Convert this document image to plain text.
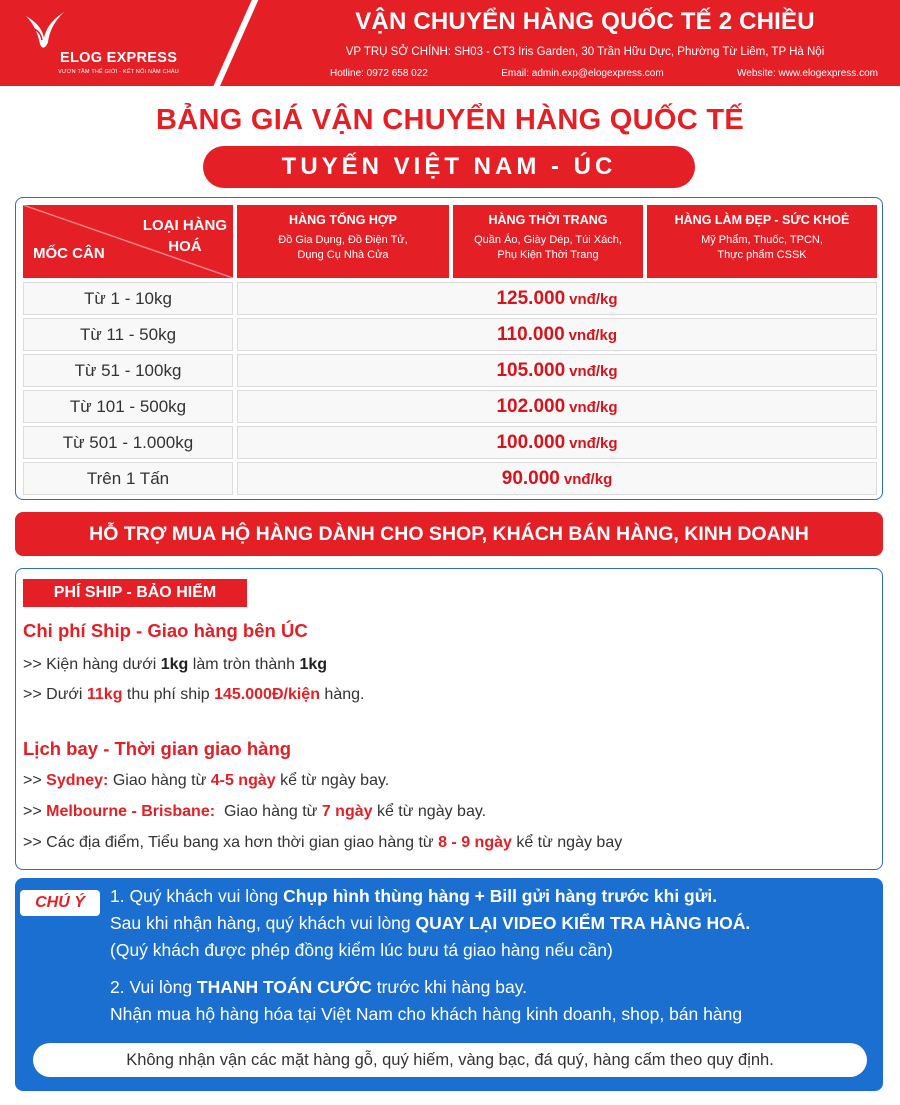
ELOG EXPRESS
VƯƠN TẦM THẾ GIỚI - KẾT NỐI NĂM CHÂU
VẬN CHUYỂN HÀNG QUỐC TẾ 2 CHIỀU
VP TRỤ SỞ CHÍNH: SH03 - CT3 Iris Garden, 30 Trần Hữu Dực, Phường Từ Liêm, TP Hà Nội
Hotline: 0972 658 022	Email: admin.exp@elogexpress.com	Website: www.elogexpress.com
BẢNG GIÁ VẬN CHUYỂN HÀNG QUỐC TẾ
TUYẾN VIỆT NAM - ÚC
LOẠI HÀNG
HOÁ
MỐC CÂN
HÀNG TỔNG HỢP
Đồ Gia Dụng, Đồ Điện Tử,
Dụng Cụ Nhà Cửa
HÀNG THỜI TRANG
Quần Áo, Giày Dép, Túi Xách,
Phụ Kiện Thời Trang
HÀNG LÀM ĐẸP - SỨC KHOẺ
Mỹ Phẩm, Thuốc, TPCN,
Thực phẩm CSSK
Từ 1 - 10kg	125.000 vnđ/kg
Từ 11 - 50kg	110.000 vnđ/kg
Từ 51 - 100kg	105.000 vnđ/kg
Từ 101 - 500kg	102.000 vnđ/kg
Từ 501 - 1.000kg	100.000 vnđ/kg
Trên 1 Tấn	90.000 vnđ/kg
HỖ TRỢ MUA HỘ HÀNG DÀNH CHO SHOP, KHÁCH BÁN HÀNG, KINH DOANH
PHÍ SHIP - BẢO HIỂM
Chi phí Ship - Giao hàng bên ÚC
>> Kiện hàng dưới 1kg làm tròn thành 1kg
>> Dưới 11kg thu phí ship 145.000Đ/kiện hàng.
Lịch bay - Thời gian giao hàng
>> Sydney: Giao hàng từ 4-5 ngày kể từ ngày bay.
>> Melbourne - Brisbane:  Giao hàng từ 7 ngày kể từ ngày bay.
>> Các địa điểm, Tiểu bang xa hơn thời gian giao hàng từ 8 - 9 ngày kể từ ngày bay
CHÚ Ý	1. Quý khách vui lòng Chụp hình thùng hàng + Bill gửi hàng trước khi gửi.
Sau khi nhận hàng, quý khách vui lòng QUAY LẠI VIDEO KIỂM TRA HÀNG HOÁ.
(Quý khách được phép đồng kiểm lúc bưu tá giao hàng nếu cần)
2. Vui lòng THANH TOÁN CƯỚC trước khi hàng bay.
Nhận mua hộ hàng hóa tại Việt Nam cho khách hàng kinh doanh, shop, bán hàng
Không nhận vận các mặt hàng gỗ, quý hiếm, vàng bạc, đá quý, hàng cấm theo quy định.
